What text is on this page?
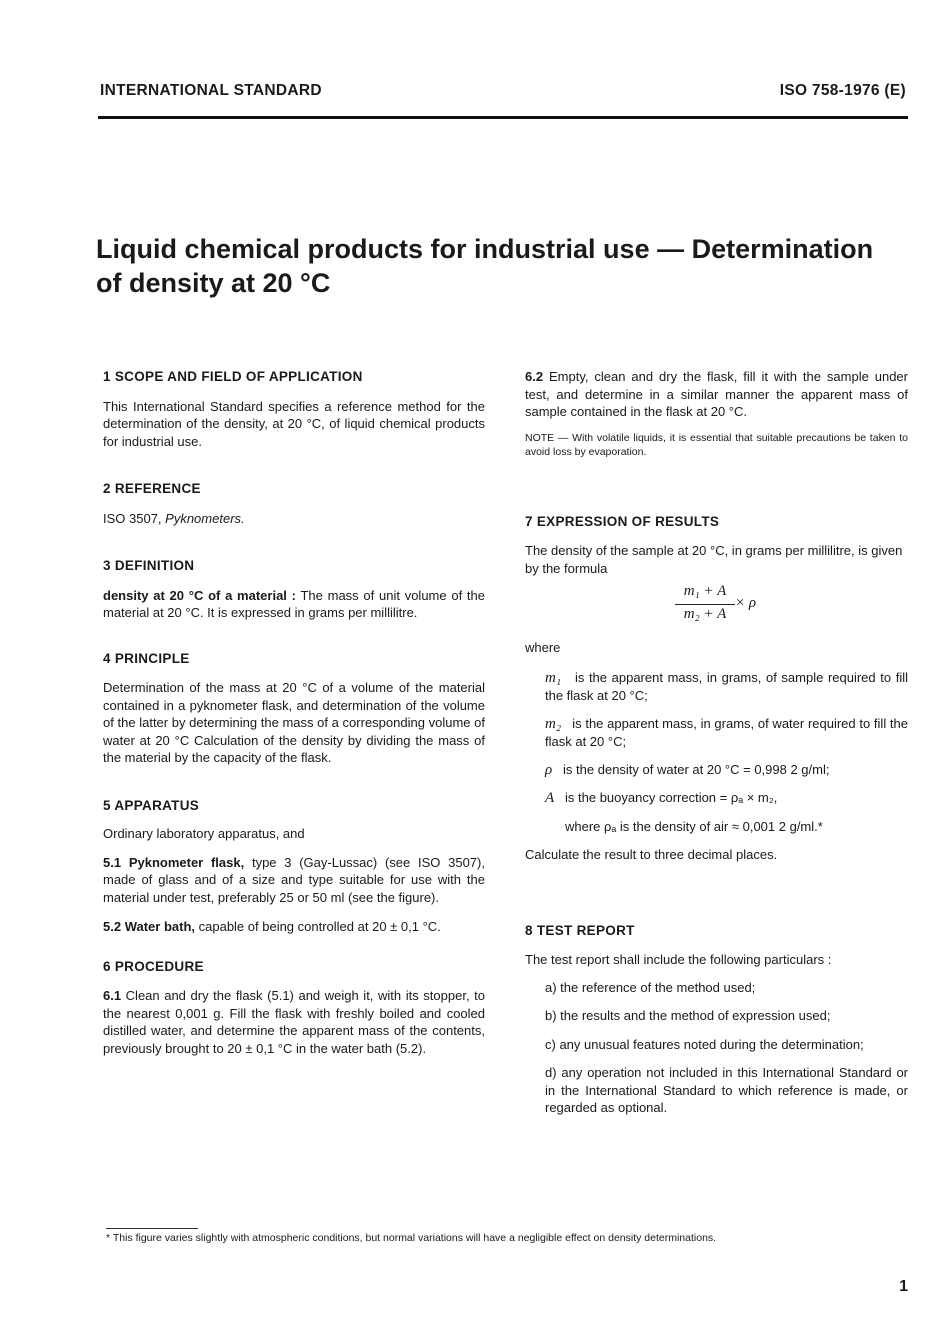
INTERNATIONAL STANDARD	ISO 758-1976 (E)
Liquid chemical products for industrial use — Determination
of density at 20 °C
1 SCOPE AND FIELD OF APPLICATION
This International Standard specifies a reference method for the determination of the density, at 20 °C, of liquid chemical products for industrial use.
2 REFERENCE
ISO 3507, Pyknometers.
3 DEFINITION
density at 20 °C of a material : The mass of unit volume of the material at 20 °C. It is expressed in grams per millilitre.
4 PRINCIPLE
Determination of the mass at 20 °C of a volume of the material contained in a pyknometer flask, and determination of the volume of the latter by determining the mass of a corresponding volume of water at 20 °C Calculation of the density by dividing the mass of the material by the capacity of the flask.
5 APPARATUS
Ordinary laboratory apparatus, and
5.1 Pyknometer flask, type 3 (Gay-Lussac) (see ISO 3507), made of glass and of a size and type suitable for use with the material under test, preferably 25 or 50 ml (see the figure).
5.2 Water bath, capable of being controlled at 20 ± 0,1 °C.
6 PROCEDURE
6.1 Clean and dry the flask (5.1) and weigh it, with its stopper, to the nearest 0,001 g. Fill the flask with freshly boiled and cooled distilled water, and determine the apparent mass of the contents, previously brought to 20 ± 0,1 °C in the water bath (5.2).
6.2 Empty, clean and dry the flask, fill it with the sample under test, and determine in a similar manner the apparent mass of sample contained in the flask at 20 °C.
NOTE — With volatile liquids, it is essential that suitable precautions be taken to avoid loss by evaporation.
7 EXPRESSION OF RESULTS
The density of the sample at 20 °C, in grams per millilitre, is given by the formula
m₁ + A
m₂ + A
× ρ
where
m₁ is the apparent mass, in grams, of sample required to fill the flask at 20 °C;
m₂ is the apparent mass, in grams, of water required to fill the flask at 20 °C;
ρ is the density of water at 20 °C = 0,998 2 g/ml;
A is the buoyancy correction = ρₐ × m₂,
where ρₐ is the density of air ≈ 0,001 2 g/ml.*
Calculate the result to three decimal places.
8 TEST REPORT
The test report shall include the following particulars :
a) the reference of the method used;
b) the results and the method of expression used;
c) any unusual features noted during the determination;
d) any operation not included in this International Standard or in the International Standard to which reference is made, or regarded as optional.
* This figure varies slightly with atmospheric conditions, but normal variations will have a negligible effect on density determinations.
1
